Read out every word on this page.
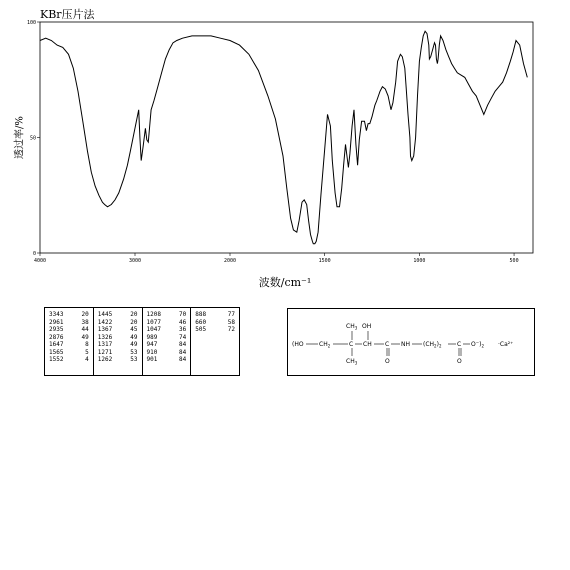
KBr压片法
4000	3000	2000	1500	1000	500
0
50
100
透过率/%
波数/cm⁻¹
3343	20
2961	38
2935	44
2876	49
1647	8
1565	5
1552	4
1445	20
1422	20
1367	45
1326	49
1317	49
1271	53
1262	53
1208	70
1077	46
1047	36
989	74
947	84
910	84
901	84
888	77
660	58
505	72	$CH_3$ OH
(HO	$CH_2$	C CH C NH $(CH_2)_2$	C $O^-)_2 \cdot Ca^{2+}$
$CH_3$	O	O
